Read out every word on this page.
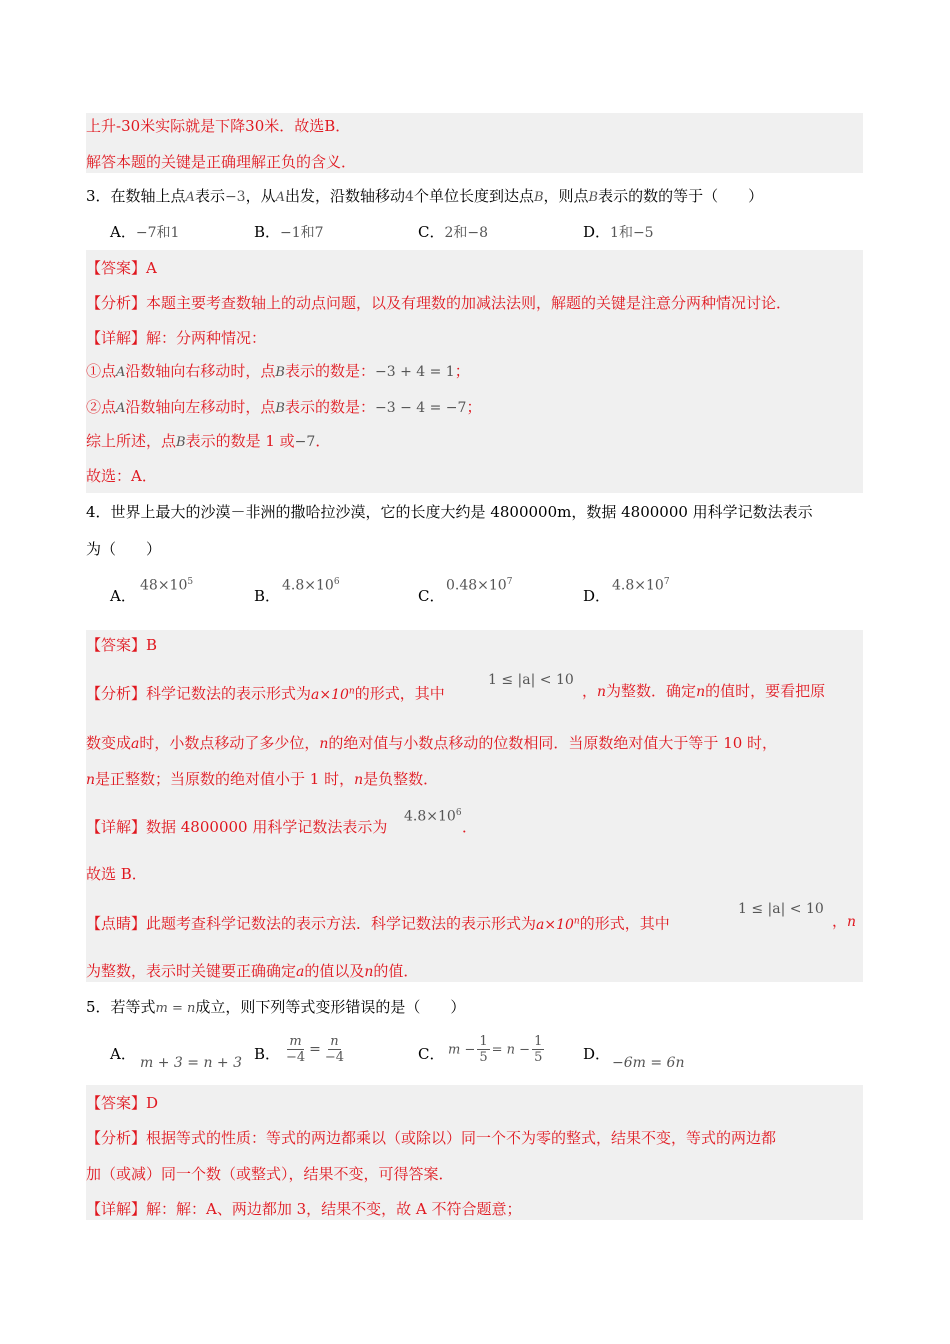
上升-30米实际就是下降30米．故选B．
解答本题的关键是正确理解正负的含义．
3．在数轴上点A表示−3，从A出发，沿数轴移动4个单位长度到达点B，则点B表示的数的等于（　　）
A．−7和1	B．−1和7	C．2和−8	D．1和−5
【答案】A
【分析】本题主要考查数轴上的动点问题，以及有理数的加减法法则，解题的关键是注意分两种情况讨论．
【详解】解：分两种情况：
①点A沿数轴向右移动时，点B表示的数是：−3 + 4 = 1；
②点A沿数轴向左移动时，点B表示的数是：−3 − 4 = −7；
综上所述，点B表示的数是 1 或−7．
故选：A．
4．世界上最大的沙漠－非洲的撒哈拉沙漠，它的长度大约是 4800000m，数据 4800000 用科学记数法表示
为（　　）
A．
$48\times 10^5$
B．
$4.8\times 10^6$
C．
$0.48\times 10^7$
D．
$4.8\times 10^7$
【答案】B
【分析】科学记数法的表示形式为$a\times 10^n$的形式，其中
1 ≤ |a| < 10
，n为整数．确定n的值时，要看把原
数变成a时，小数点移动了多少位，n的绝对值与小数点移动的位数相同．当原数绝对值大于等于 10 时，
n是正整数；当原数的绝对值小于 1 时，n是负整数．
【详解】数据 4800000 用科学记数法表示为
$4.8\times 10^6$
．
故选 B．
【点睛】此题考查科学记数法的表示方法．科学记数法的表示形式为$a\times 10^n$的形式，其中
1 ≤ |a| < 10
，n
为整数，表示时关键要正确确定a的值以及n的值．
5．若等式m = n成立，则下列等式变形错误的是（　　）
A． m + 3 = n + 3 B． $\frac{m}{-4} = \frac{n}{-4}$	C． $m - \frac{1}{5} = n - \frac{1}{5}$	D． −6m = 6n
【答案】D
【分析】根据等式的性质：等式的两边都乘以（或除以）同一个不为零的整式，结果不变，等式的两边都
加（或减）同一个数（或整式），结果不变，可得答案．
【详解】解：解：A、两边都加 3，结果不变，故 A 不符合题意；
